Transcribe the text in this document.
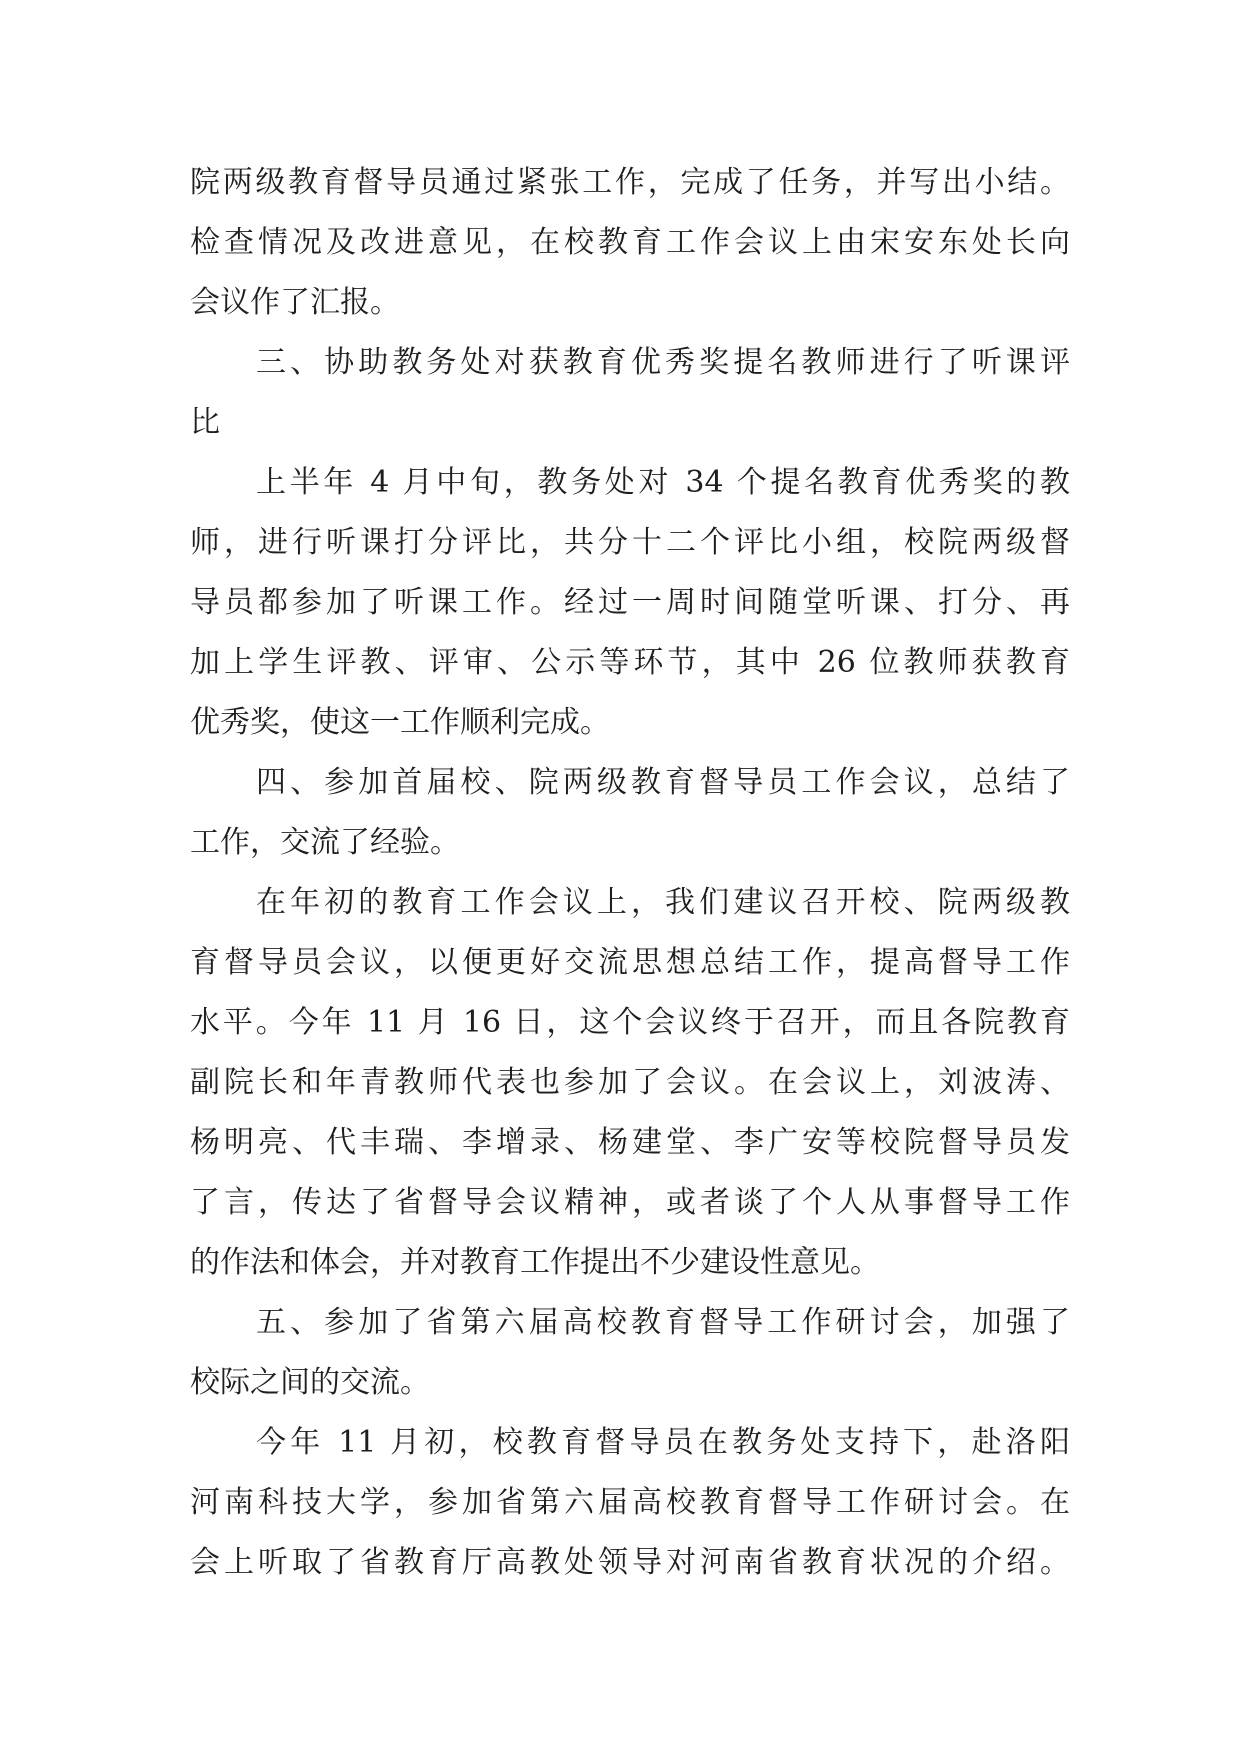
院两级教育督导员通过紧张工作，完成了任务，并写出小结。
检查情况及改进意见，在校教育工作会议上由宋安东处长向
会议作了汇报。
三、协助教务处对获教育优秀奖提名教师进行了听课评
比
上半年 4 月中旬，教务处对 34 个提名教育优秀奖的教
师，进行听课打分评比，共分十二个评比小组，校院两级督
导员都参加了听课工作。经过一周时间随堂听课、打分、再
加上学生评教、评审、公示等环节，其中 26 位教师获教育
优秀奖，使这一工作顺利完成。
四、参加首届校、院两级教育督导员工作会议，总结了
工作，交流了经验。
在年初的教育工作会议上，我们建议召开校、院两级教
育督导员会议，以便更好交流思想总结工作，提高督导工作
水平。今年 11 月 16 日，这个会议终于召开，而且各院教育
副院长和年青教师代表也参加了会议。在会议上，刘波涛、
杨明亮、代丰瑞、李增录、杨建堂、李广安等校院督导员发
了言，传达了省督导会议精神，或者谈了个人从事督导工作
的作法和体会，并对教育工作提出不少建设性意见。
五、参加了省第六届高校教育督导工作研讨会，加强了
校际之间的交流。
今年 11 月初，校教育督导员在教务处支持下，赴洛阳
河南科技大学，参加省第六届高校教育督导工作研讨会。在
会上听取了省教育厅高教处领导对河南省教育状况的介绍。
